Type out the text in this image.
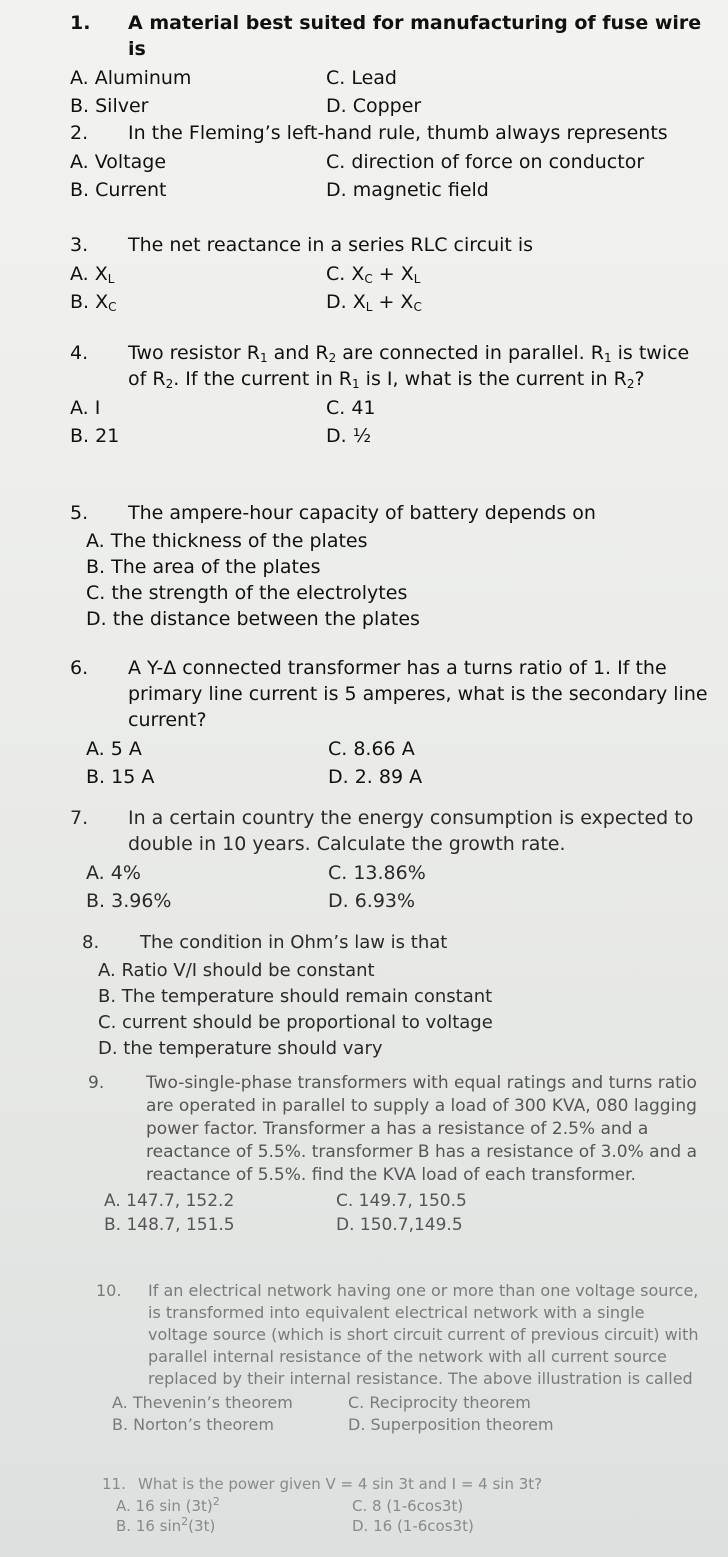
1. A material best suited for manufacturing of fuse wire is
A. Aluminum	C. Lead
B. Silver	D. Copper
2. In the Fleming’s left-hand rule, thumb always represents
A. Voltage	C. direction of force on conductor
B. Current	D. magnetic field
3. The net reactance in a series RLC circuit is
A. $X_L$	C. $X_C + X_L$
B. $X_C$	D. $X_L + X_C$
4. Two resistor $R_1$ and $R_2$ are connected in parallel. $R_1$ is twice of $R_2$. If the current in $R_1$ is I, what is the current in $R_2$?
A. I	C. 41
B. 21	D. ½
5. The ampere-hour capacity of battery depends on
A. The thickness of the plates
B. The area of the plates
C. the strength of the electrolytes
D. the distance between the plates
6. A Y-Δ connected transformer has a turns ratio of 1. If the primary line current is 5 amperes, what is the secondary line current?
A. 5 A	C. 8.66 A
B. 15 A	D. 2. 89 A
7. In a certain country the energy consumption is expected to double in 10 years. Calculate the growth rate.
A. 4%	C. 13.86%
B. 3.96%	D. 6.93%
8. The condition in Ohm’s law is that
A. Ratio V/I should be constant
B. The temperature should remain constant
C. current should be proportional to voltage
D. the temperature should vary
9. Two-single-phase transformers with equal ratings and turns ratio are operated in parallel to supply a load of 300 KVA, 080 lagging power factor. Transformer a has a resistance of 2.5% and a reactance of 5.5%. transformer B has a resistance of 3.0% and a reactance of 5.5%. find the KVA load of each transformer.
A. 147.7, 152.2	C. 149.7, 150.5
B. 148.7, 151.5	D. 150.7,149.5
10. If an electrical network having one or more than one voltage source, is transformed into equivalent electrical network with a single voltage source (which is short circuit current of previous circuit) with parallel internal resistance of the network with all current source replaced by their internal resistance. The above illustration is called
A. Thevenin’s theorem	C. Reciprocity theorem
B. Norton’s theorem	D. Superposition theorem
11. What is the power given V = 4 sin 3t and I = 4 sin 3t?
A. 16 $\sin (3t)^2$	C. 8 (1-6cos3t)
B. 16 $\sin^2(3t)$	D. 16 (1-6cos3t)
